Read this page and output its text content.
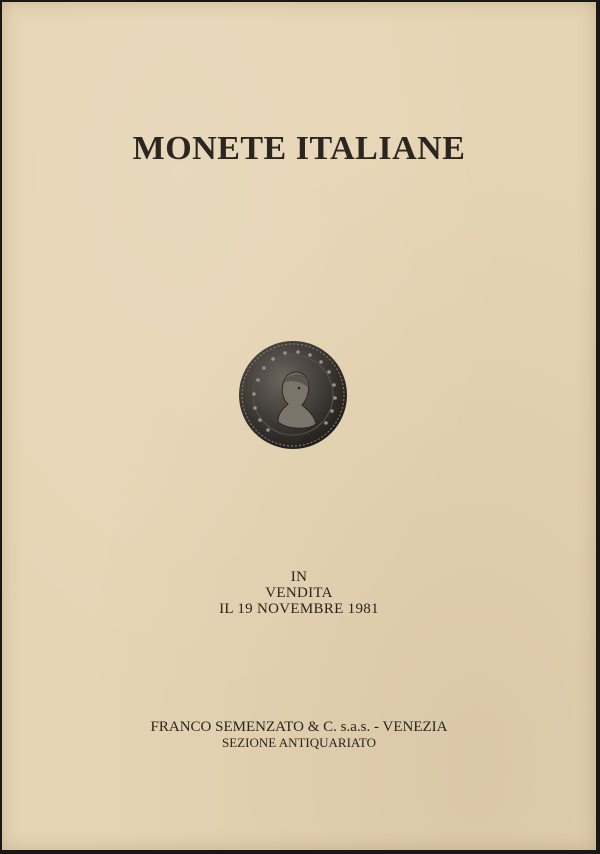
MONETE ITALIANE
IN
VENDITA
IL 19 NOVEMBRE 1981
FRANCO SEMENZATO & C. s.a.s. - VENEZIA
SEZIONE ANTIQUARIATO
